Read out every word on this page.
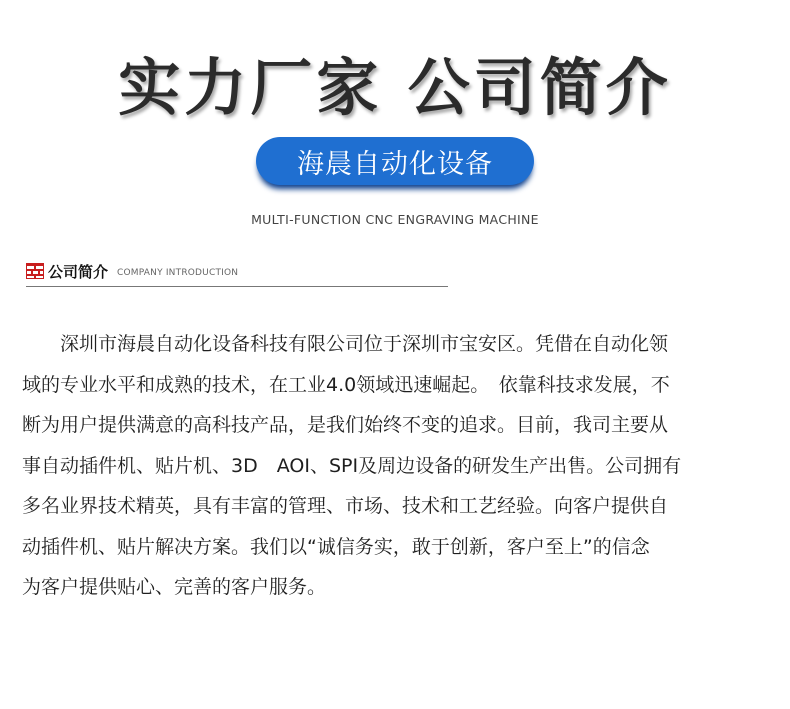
实力厂家 公司简介
海晨自动化设备
MULTI-FUNCTION CNC ENGRAVING MACHINE
公司简介 COMPANY INTRODUCTION
　　深圳市海晨自动化设备科技有限公司位于深圳市宝安区。凭借在自动化领
域的专业水平和成熟的技术，在工业4.0领域迅速崛起。　依靠科技求发展，不
断为用户提供满意的高科技产品，是我们始终不变的追求。目前，我司主要从
事自动插件机、贴片机、3D　AOI、SPI及周边设备的研发生产出售。公司拥有
多名业界技术精英，具有丰富的管理、市场、技术和工艺经验。向客户提供自
动插件机、贴片解决方案。我们以“诚信务实，敢于创新，客户至上”的信念
为客户提供贴心、完善的客户服务。
